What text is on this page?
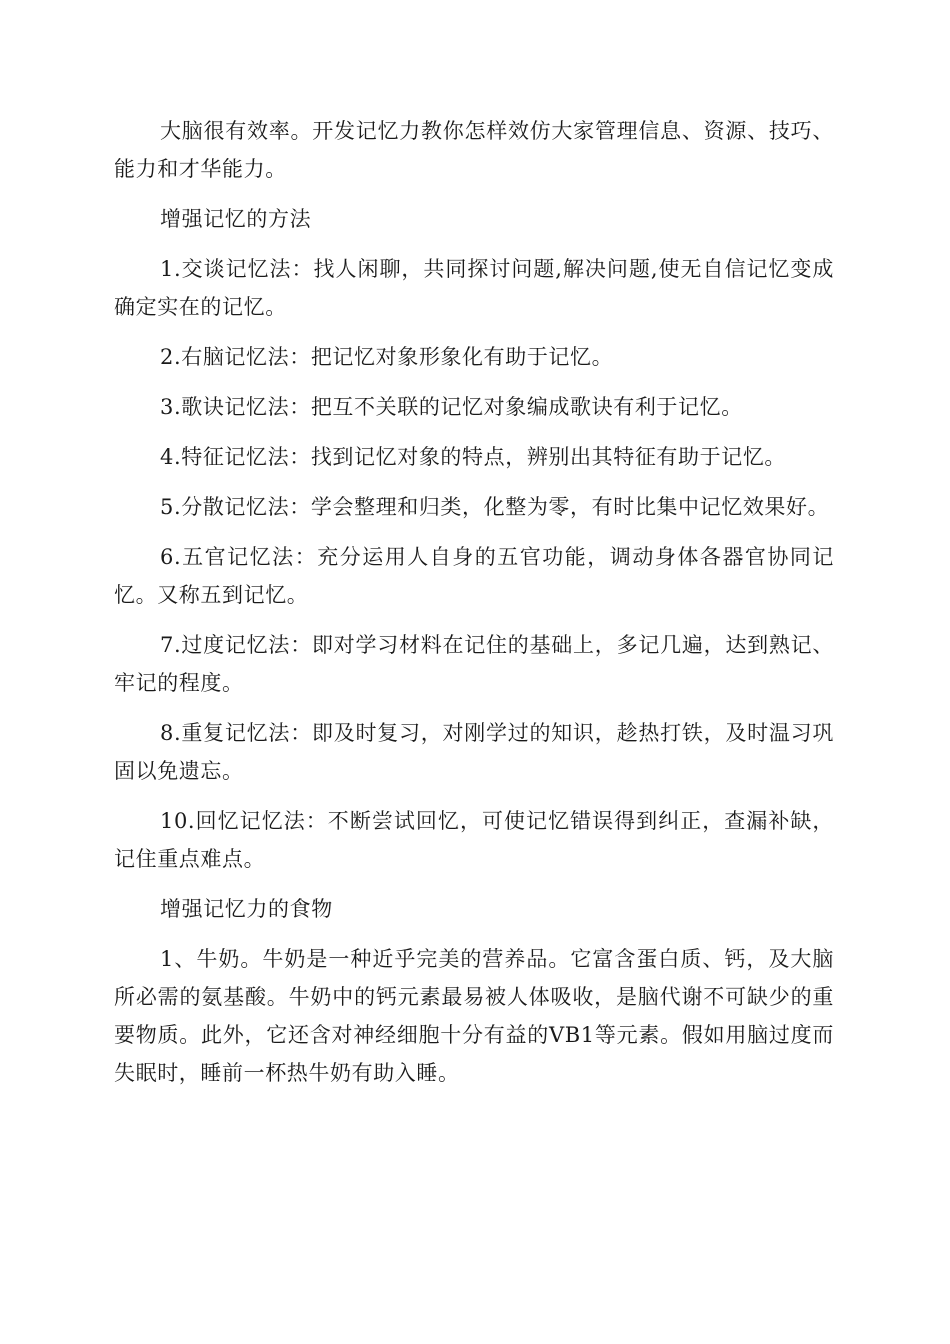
大脑很有效率。开发记忆力教你怎样效仿大家管理信息、资源、技巧、能力和才华能力。

增强记忆的方法

1.交谈记忆法：找人闲聊，共同探讨问题,解决问题,使无自信记忆变成确定实在的记忆。

2.右脑记忆法：把记忆对象形象化有助于记忆。

3.歌诀记忆法：把互不关联的记忆对象编成歌诀有利于记忆。

4.特征记忆法：找到记忆对象的特点，辨别出其特征有助于记忆。

5.分散记忆法：学会整理和归类，化整为零，有时比集中记忆效果好。

6.五官记忆法：充分运用人自身的五官功能，调动身体各器官协同记忆。又称五到记忆。

7.过度记忆法：即对学习材料在记住的基础上，多记几遍，达到熟记、牢记的程度。

8.重复记忆法：即及时复习，对刚学过的知识，趁热打铁，及时温习巩固以免遗忘。

10.回忆记忆法：不断尝试回忆，可使记忆错误得到纠正，查漏补缺，记住重点难点。

增强记忆力的食物

1、牛奶。牛奶是一种近乎完美的营养品。它富含蛋白质、钙，及大脑所必需的氨基酸。牛奶中的钙元素最易被人体吸收，是脑代谢不可缺少的重要物质。此外，它还含对神经细胞十分有益的VB1等元素。假如用脑过度而失眠时，睡前一杯热牛奶有助入睡。
